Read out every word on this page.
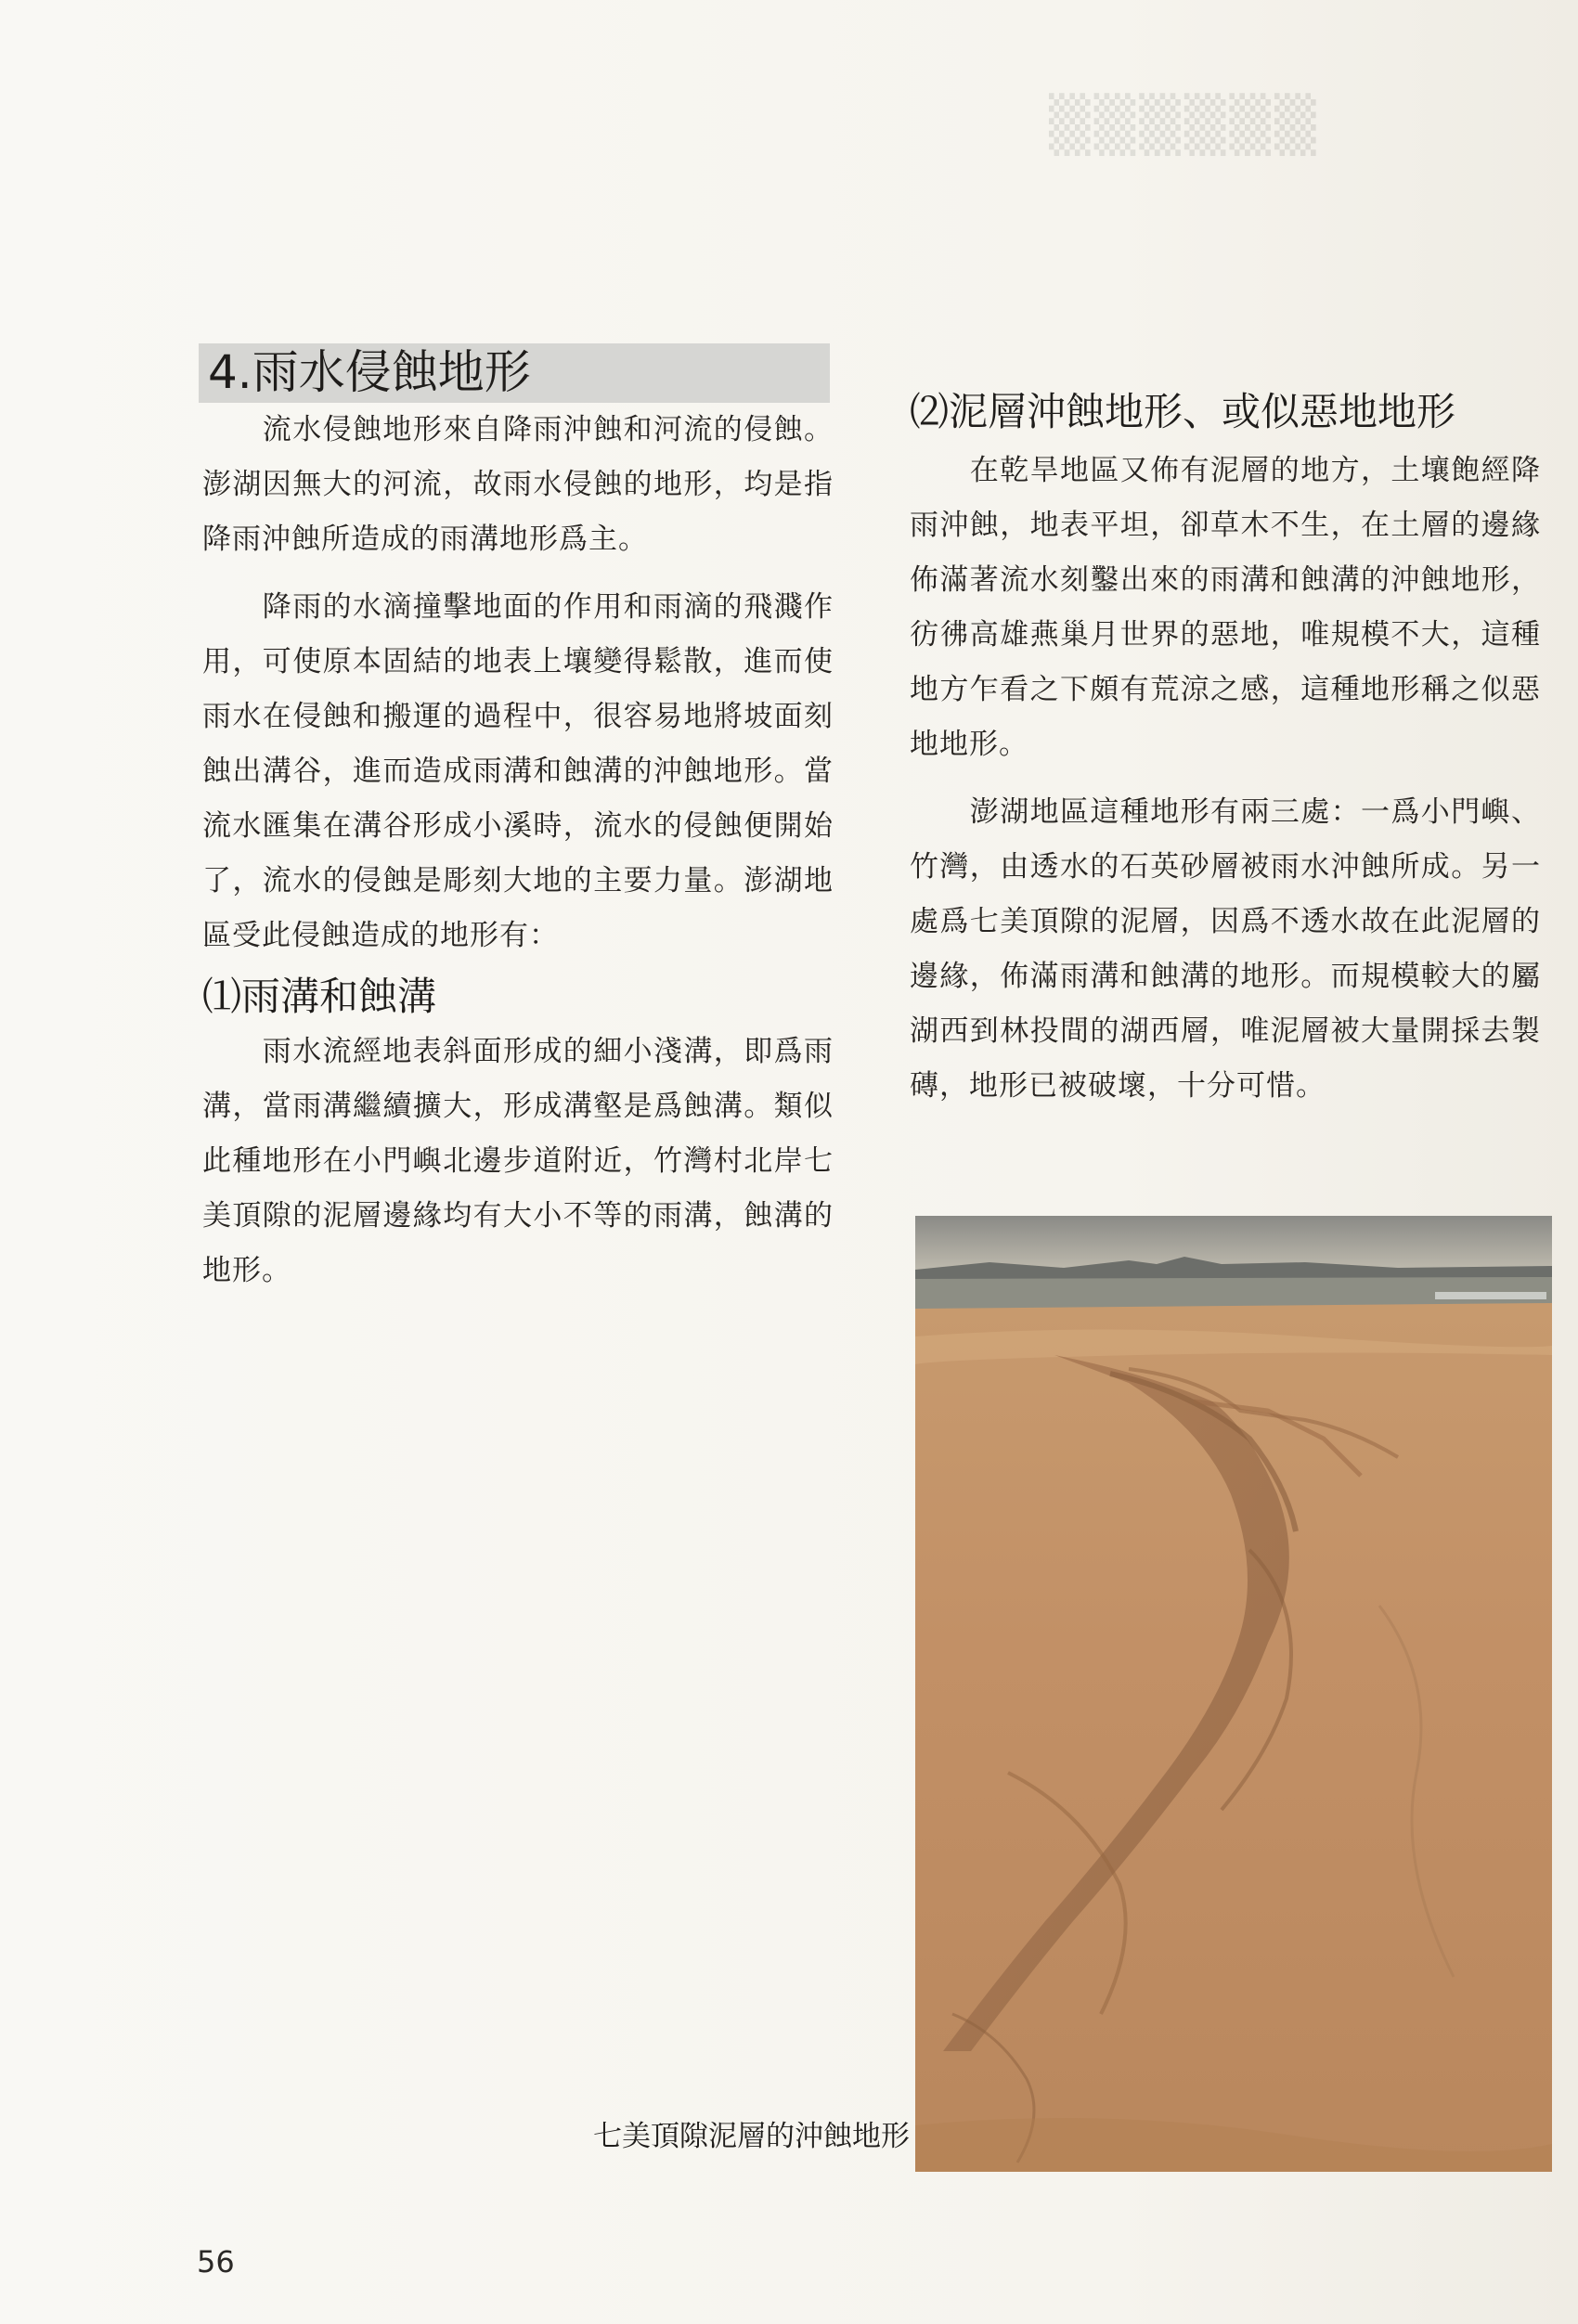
▒▒▒▒▒▒
4.雨水侵蝕地形

　　流水侵蝕地形來自降雨沖蝕和河流的侵蝕。澎湖因無大的河流，故雨水侵蝕的地形，均是指降雨沖蝕所造成的雨溝地形爲主。

　　降雨的水滴撞擊地面的作用和雨滴的飛濺作用，可使原本固結的地表上壤變得鬆散，進而使雨水在侵蝕和搬運的過程中，很容易地將坡面刻蝕出溝谷，進而造成雨溝和蝕溝的沖蝕地形。當流水匯集在溝谷形成小溪時，流水的侵蝕便開始了，流水的侵蝕是彫刻大地的主要力量。澎湖地區受此侵蝕造成的地形有：

⑴雨溝和蝕溝

　　雨水流經地表斜面形成的細小淺溝，即爲雨溝，當雨溝繼續擴大，形成溝壑是爲蝕溝。類似此種地形在小門嶼北邊步道附近，竹灣村北岸七美頂隙的泥層邊緣均有大小不等的雨溝，蝕溝的地形。

⑵泥層沖蝕地形、或似惡地地形

　　在乾旱地區又佈有泥層的地方，土壤飽經降雨沖蝕，地表平坦，卻草木不生，在土層的邊緣佈滿著流水刻鑿出來的雨溝和蝕溝的沖蝕地形，彷彿高雄燕巢月世界的惡地，唯規模不大，這種地方乍看之下頗有荒涼之感，這種地形稱之似惡地地形。

　　澎湖地區這種地形有兩三處：一爲小門嶼、竹灣，由透水的石英砂層被雨水沖蝕所成。另一處爲七美頂隙的泥層，因爲不透水故在此泥層的邊緣，佈滿雨溝和蝕溝的地形。而規模較大的屬湖西到林投間的湖西層，唯泥層被大量開採去製磚，地形已被破壞，十分可惜。

七美頂隙泥層的沖蝕地形
56
